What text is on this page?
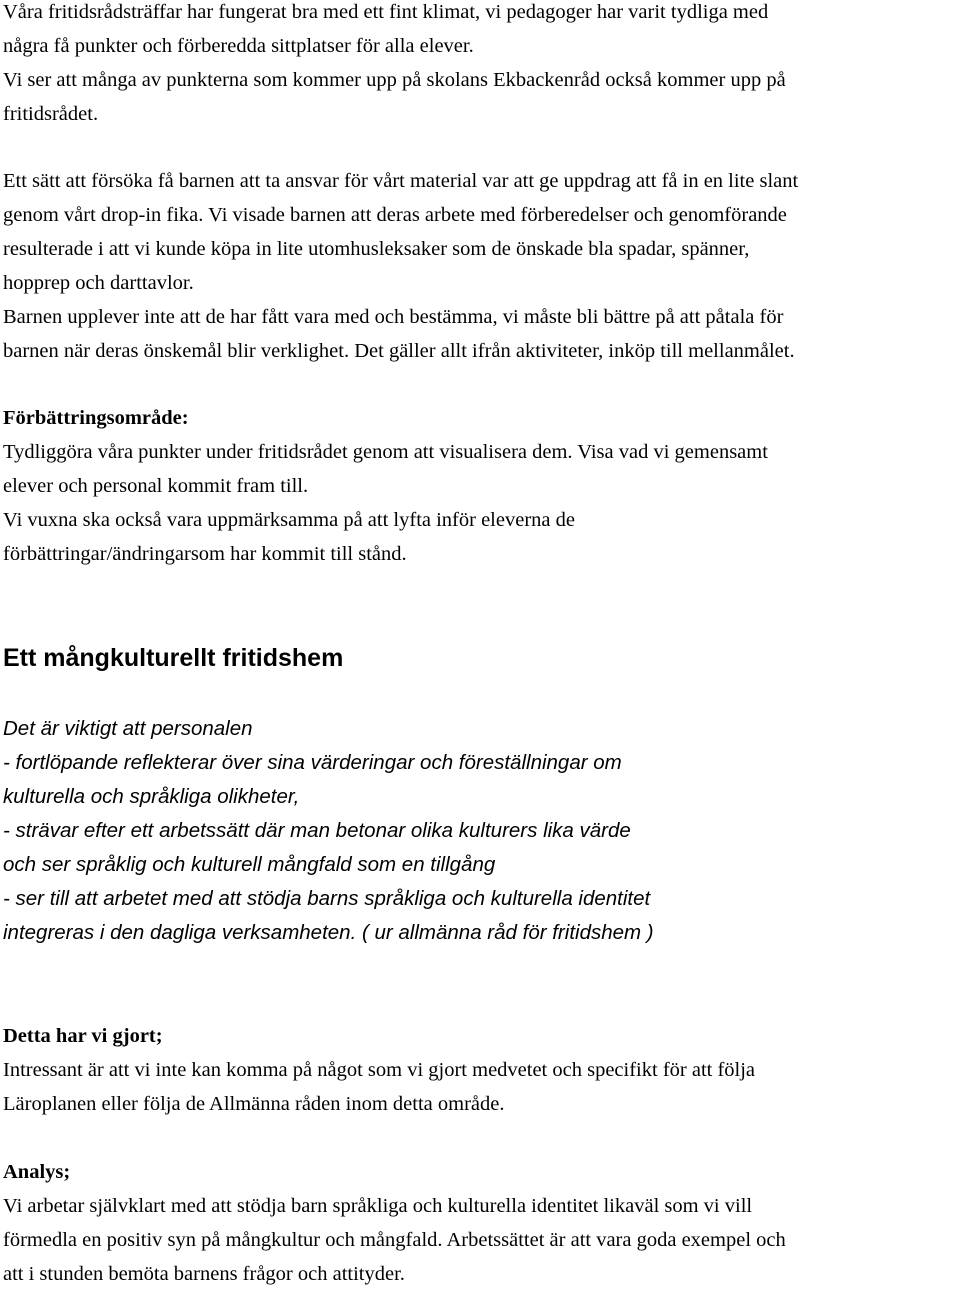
Våra fritidsrådsträffar har fungerat bra med ett fint klimat, vi pedagoger har varit tydliga med
några få punkter och förberedda sittplatser för alla elever.
Vi ser att många av punkterna som kommer upp på skolans Ekbackenråd också kommer upp på
fritidsrådet.
Ett sätt att försöka få barnen att ta ansvar för vårt material var att ge uppdrag att få in en lite slant
genom vårt drop-in fika. Vi visade barnen att deras arbete med förberedelser och genomförande
resulterade i att vi kunde köpa in lite utomhusleksaker som de önskade bla spadar, spänner,
hopprep och darttavlor.
Barnen upplever inte att de har fått vara med och bestämma, vi måste bli bättre på att påtala för
barnen när deras önskemål blir verklighet. Det gäller allt ifrån aktiviteter, inköp till mellanmålet.
Förbättringsområde:
Tydliggöra våra punkter under fritidsrådet genom att visualisera dem. Visa vad vi gemensamt
elever och personal kommit fram till.
Vi vuxna ska också vara uppmärksamma på att lyfta inför eleverna de
förbättringar/ändringarsom har kommit till stånd.
Ett mångkulturellt fritidshem
Det är viktigt att personalen
- fortlöpande reflekterar över sina värderingar och föreställningar om
kulturella och språkliga olikheter,
- strävar efter ett arbetssätt där man betonar olika kulturers lika värde
och ser språklig och kulturell mångfald som en tillgång
- ser till att arbetet med att stödja barns språkliga och kulturella identitet
integreras i den dagliga verksamheten. ( ur allmänna råd för fritidshem )
Detta har vi gjort;
Intressant är att vi inte kan komma på något som vi gjort medvetet och specifikt för att följa
Läroplanen eller följa de Allmänna råden inom detta område.
Analys;
Vi arbetar självklart med att stödja barn språkliga och kulturella identitet likaväl som vi vill
förmedla en positiv syn på mångkultur och mångfald. Arbetssättet är att vara goda exempel och
att i stunden bemöta barnens frågor och attityder.
